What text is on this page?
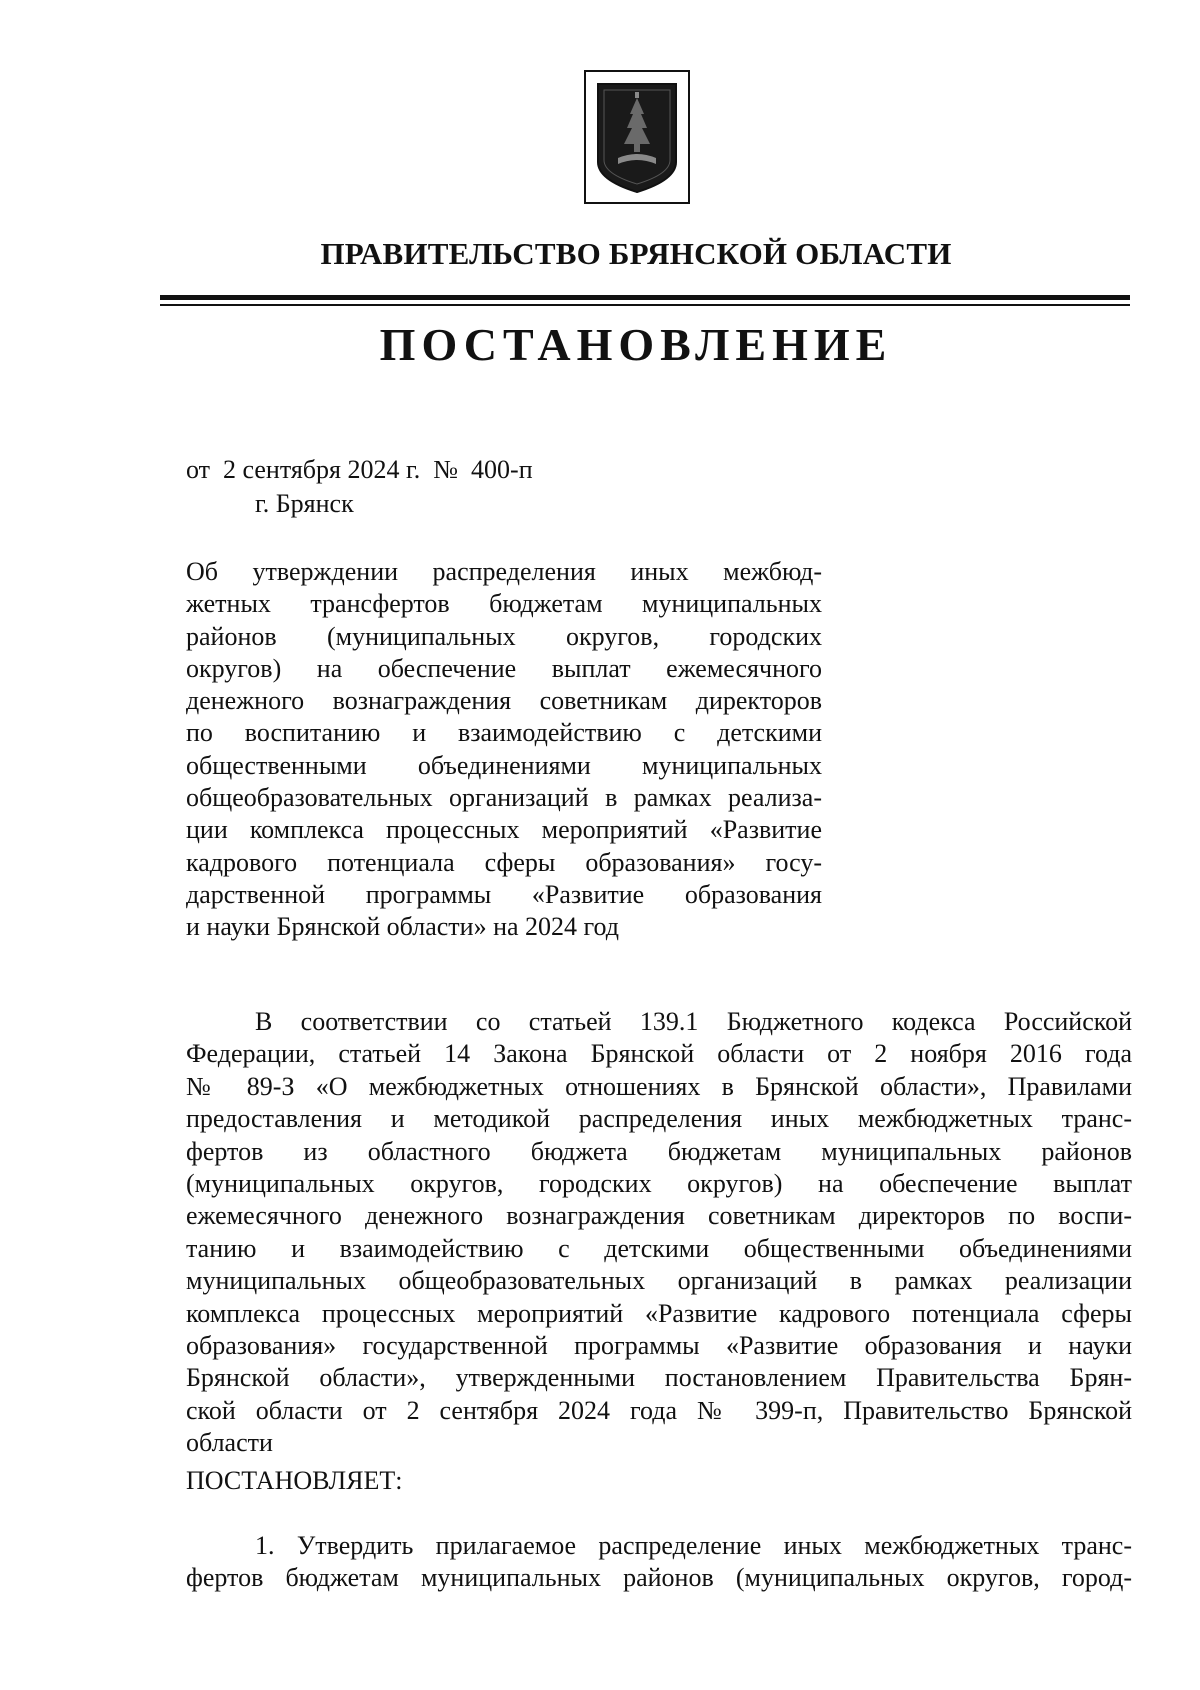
ПРАВИТЕЛЬСТВО БРЯНСКОЙ ОБЛАСТИ
ПОСТАНОВЛЕНИЕ
от  2 сентября 2024 г.  №  400-п
г. Брянск
Об утверждении распределения иных межбюд-
жетных трансфертов бюджетам муниципальных
районов (муниципальных округов, городских
округов) на обеспечение выплат ежемесячного
денежного вознаграждения советникам директоров
по воспитанию и взаимодействию с детскими
общественными объединениями муниципальных
общеобразовательных организаций в рамках реализа-
ции комплекса процессных мероприятий «Развитие
кадрового потенциала сферы образования» госу-
дарственной программы «Развитие образования
и науки Брянской области» на 2024 год
В соответствии со статьей 139.1 Бюджетного кодекса Российской
Федерации, статьей 14 Закона Брянской области от 2 ноября 2016 года
№ 89-З «О межбюджетных отношениях в Брянской области», Правилами
предоставления и методикой распределения иных межбюджетных транс-
фертов из областного бюджета бюджетам муниципальных районов
(муниципальных округов, городских округов) на обеспечение выплат
ежемесячного денежного вознаграждения советникам директоров по воспи-
танию и взаимодействию с детскими общественными объединениями
муниципальных общеобразовательных организаций в рамках реализации
комплекса процессных мероприятий «Развитие кадрового потенциала сферы
образования» государственной программы «Развитие образования и науки
Брянской области», утвержденными постановлением Правительства Брян-
ской области от 2 сентября 2024 года № 399-п, Правительство Брянской
области
ПОСТАНОВЛЯЕТ:
1. Утвердить прилагаемое распределение иных межбюджетных транс-
фертов бюджетам муниципальных районов (муниципальных округов, город-
